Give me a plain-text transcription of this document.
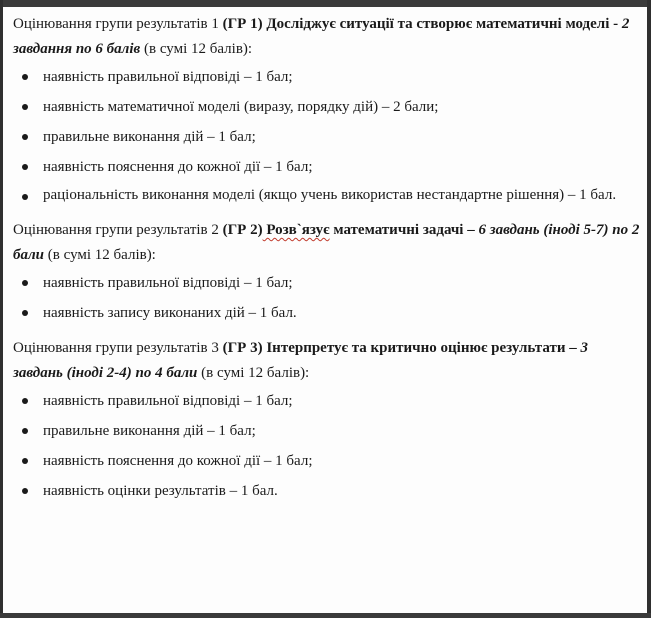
Оцінювання групи результатів 1 (ГР 1) Досліджує ситуації та створює математичні моделі - 2 завдання по 6 балів (в сумі 12 балів):

наявність правильної відповіді – 1 бал;
наявність математичної моделі (виразу, порядку дій) – 2 бали;
правильне виконання дій – 1 бал;
наявність пояснення до кожної дії – 1 бал;
раціональність виконання моделі (якщо учень використав нестандартне рішення) – 1 бал.

Оцінювання групи результатів 2 (ГР 2) Розв`язує математичні задачі – 6 завдань (іноді 5-7) по 2 бали (в сумі 12 балів):

наявність правильної відповіді – 1 бал;
наявність запису виконаних дій – 1 бал.

Оцінювання групи результатів 3 (ГР 3) Інтерпретує та критично оцінює результати – 3 завдань (іноді 2-4) по 4 бали (в сумі 12 балів):

наявність правильної відповіді – 1 бал;
правильне виконання дій – 1 бал;
наявність пояснення до кожної дії – 1 бал;
наявність оцінки результатів – 1 бал.
